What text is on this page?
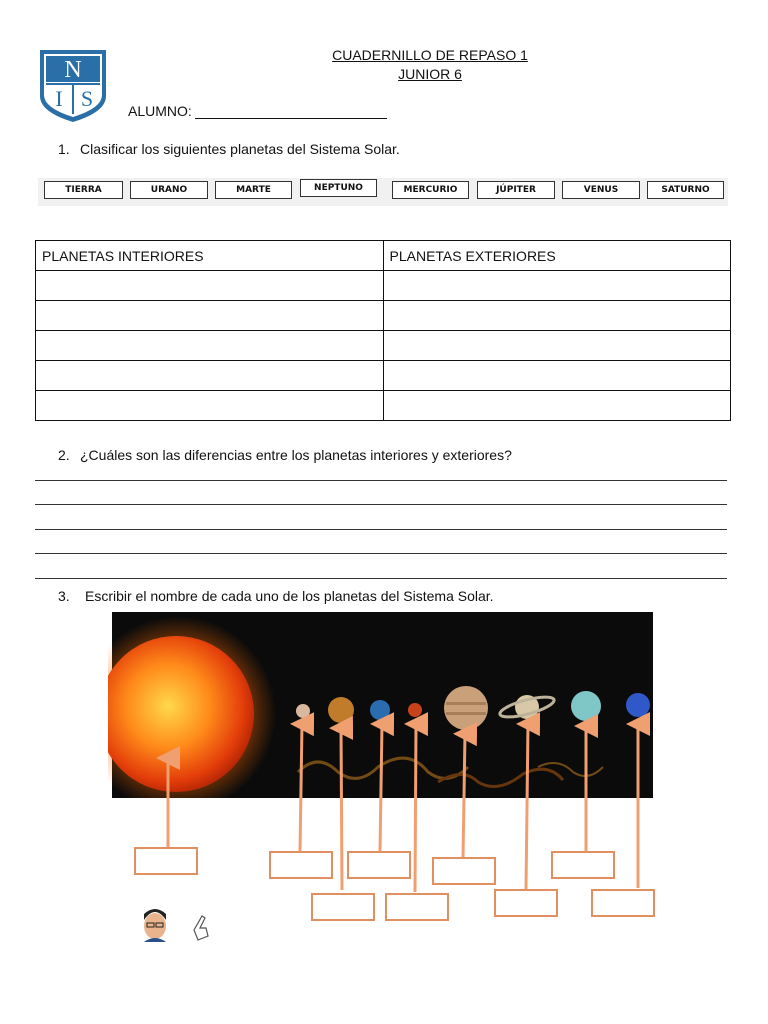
N
I S
CUADERNILLO DE REPASO 1
JUNIOR 6
ALUMNO:
1. Clasificar los siguientes planetas del Sistema Solar.
TIERRA	URANO	MARTE	NEPTUNO	MERCURIO	JÚPITER	VENUS	SATURNO
PLANETAS INTERIORES	PLANETAS EXTERIORES

2. ¿Cuáles son las diferencias entre los planetas interiores y exteriores?
3. Escribir el nombre de cada uno de los planetas del Sistema Solar.
